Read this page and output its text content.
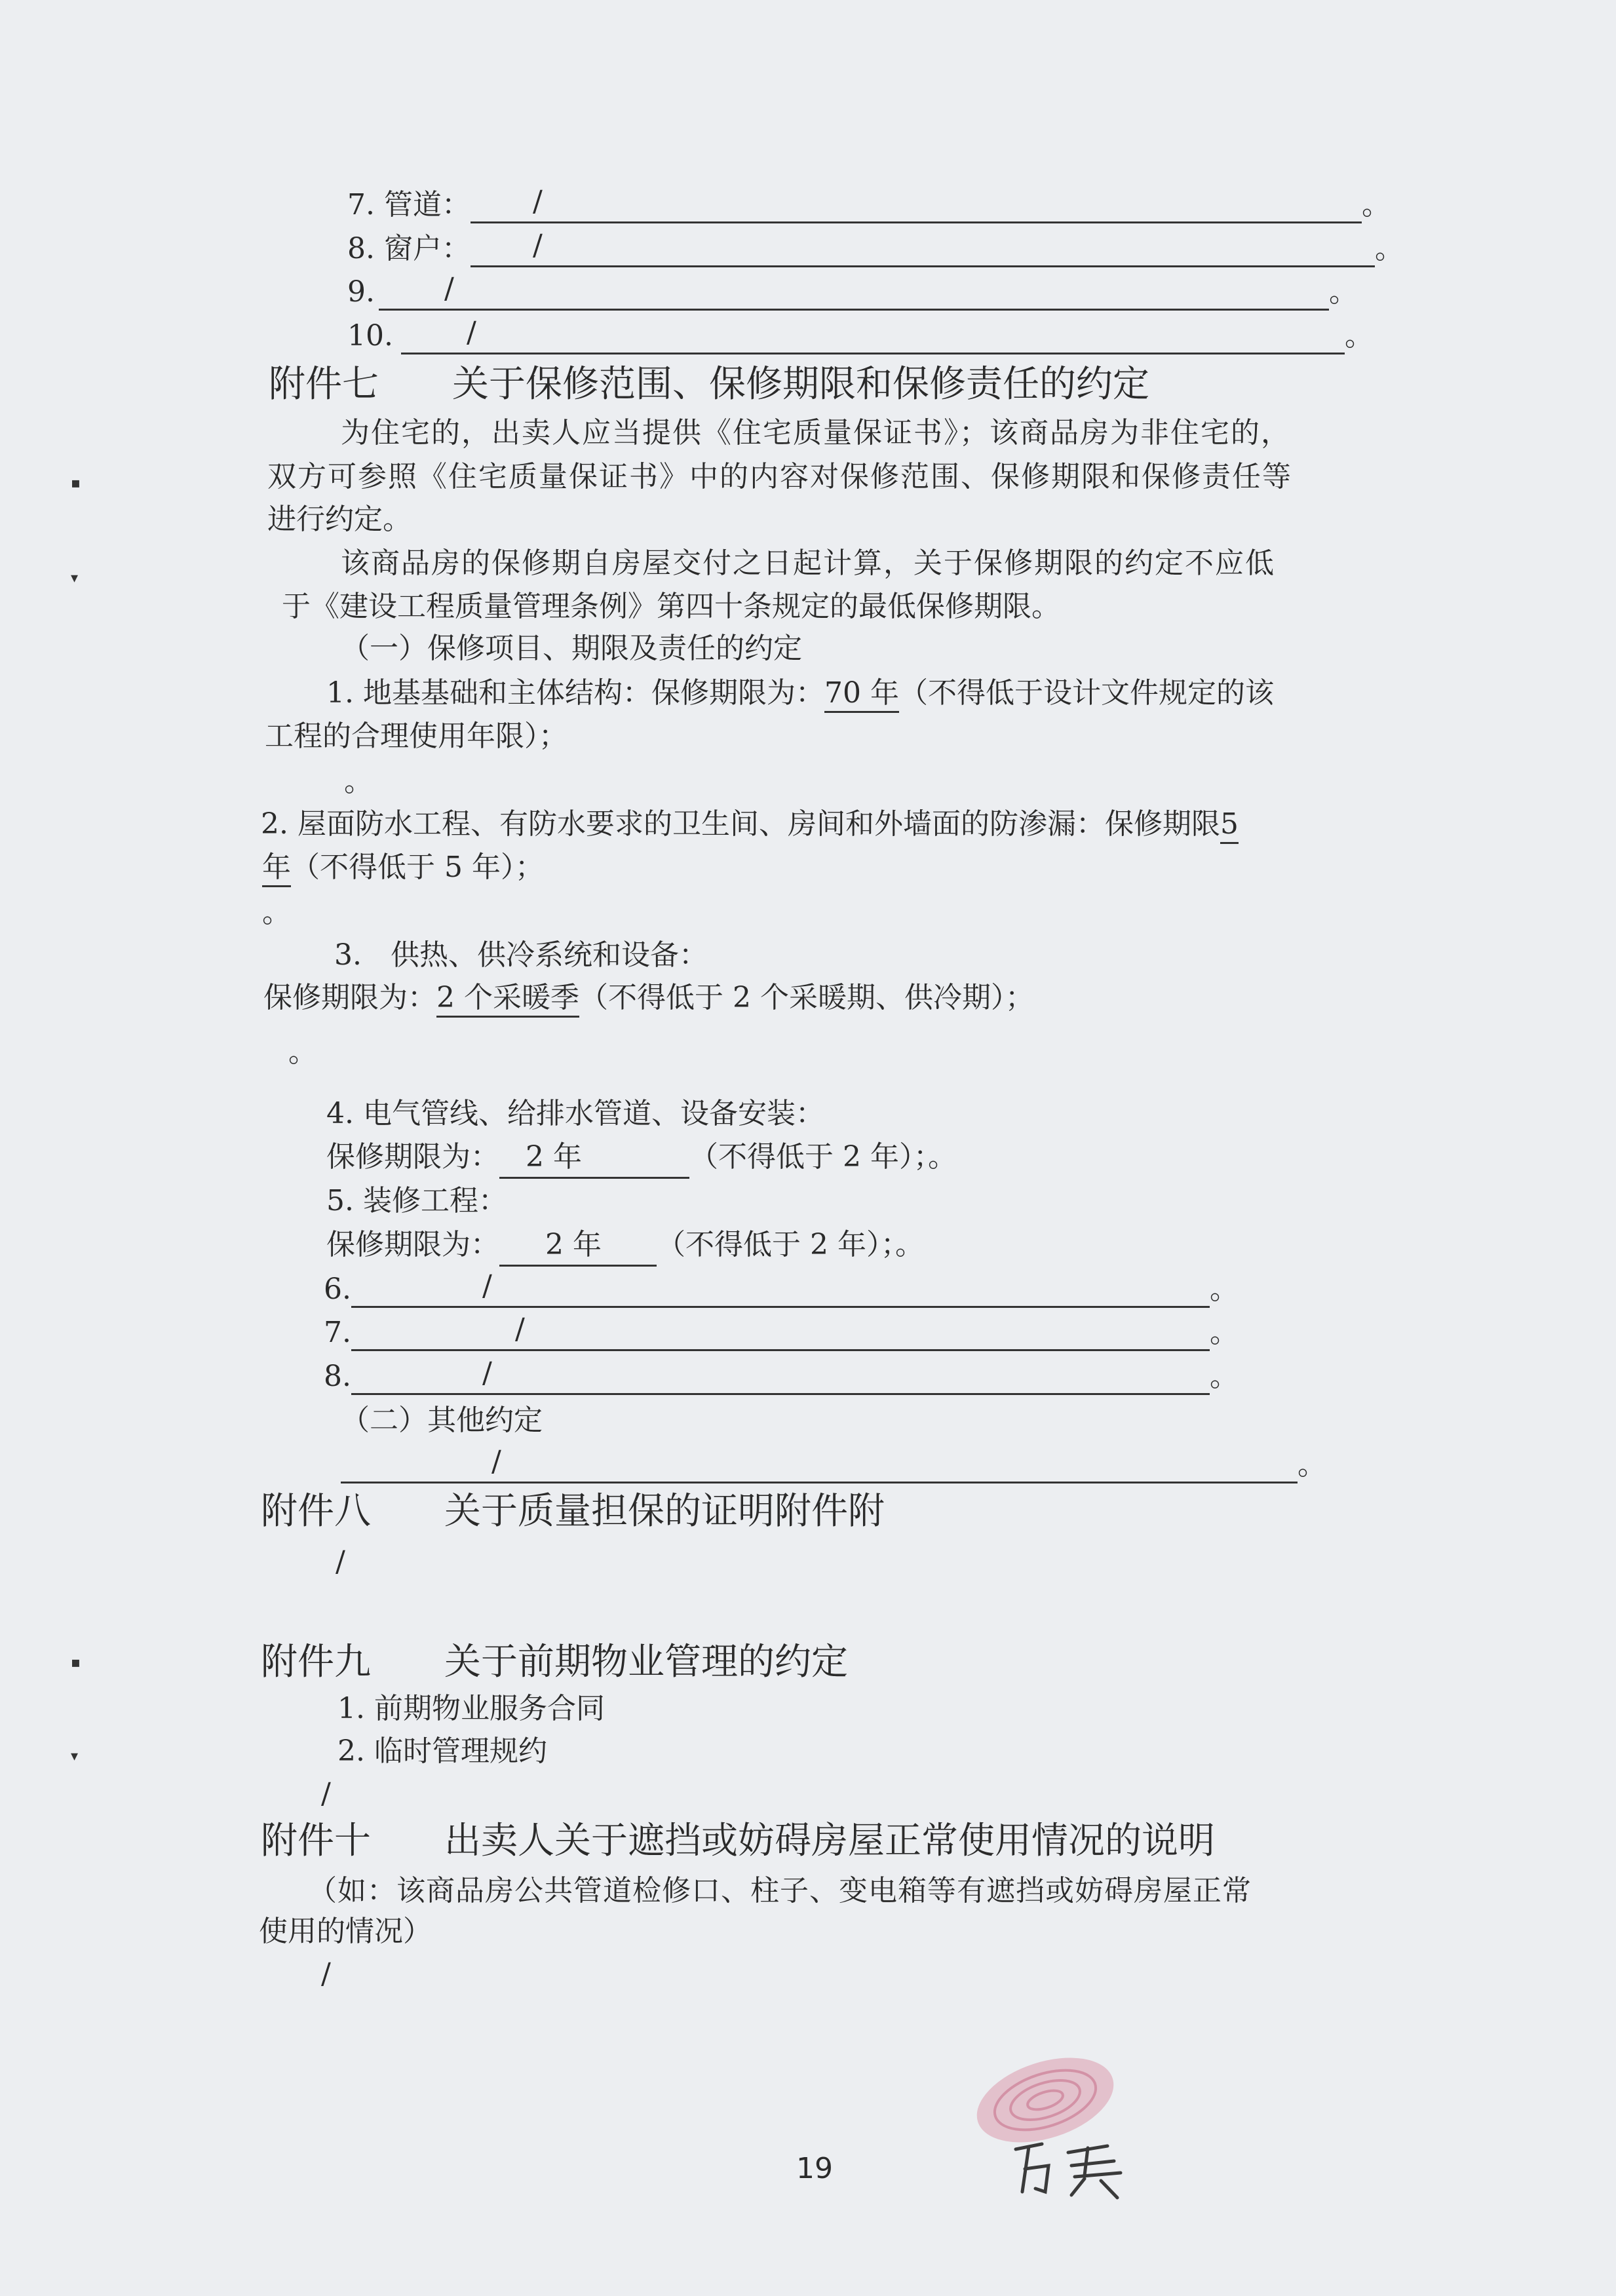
7. 管道： /	。
8. 窗户： /	。
9. /	。
10.	/	。
附件七　　关于保修范围、保修期限和保修责任的约定
为住宅的，出卖人应当提供《住宅质量保证书》；该商品房为非住宅的，
双方可参照《住宅质量保证书》中的内容对保修范围、保修期限和保修责任等
进行约定。
该商品房的保修期自房屋交付之日起计算，关于保修期限的约定不应低
于《建设工程质量管理条例》第四十条规定的最低保修期限。
（一）保修项目、期限及责任的约定
1. 地基基础和主体结构：保修期限为：70 年（不得低于设计文件规定的该
工程的合理使用年限）；
。
2. 屋面防水工程、有防水要求的卫生间、房间和外墙面的防渗漏：保修期限5
年（不得低于 5 年）；
。
3.　供热、供冷系统和设备：
保修期限为：2 个采暖季（不得低于 2 个采暖期、供冷期）；
。
4. 电气管线、给排水管道、设备安装：
保修期限为： 2 年	（不得低于 2 年）；。
5. 装修工程：
保修期限为： 2 年 （不得低于 2 年）；。
6.	/	。
7.	/	。
8.	/	。
（二）其他约定
/	。
附件八　　关于质量担保的证明附件附
/
附件九　　关于前期物业管理的约定
1. 前期物业服务合同
2. 临时管理规约
/
附件十　　出卖人关于遮挡或妨碍房屋正常使用情况的说明
（如：该商品房公共管道检修口、柱子、变电箱等有遮挡或妨碍房屋正常
使用的情况）
/
19
▪
▾
▪
▾
